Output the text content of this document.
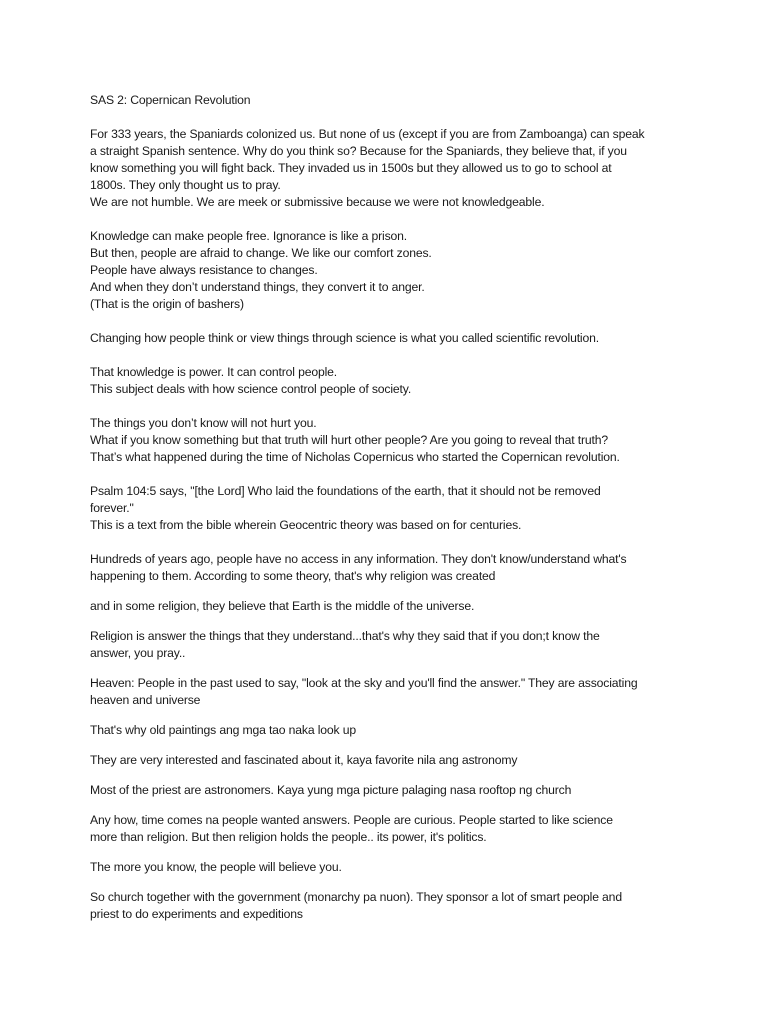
SAS 2: Copernican Revolution
For 333 years, the Spaniards colonized us. But none of us (except if you are from Zamboanga) can speak
a straight Spanish sentence. Why do you think so? Because for the Spaniards, they believe that, if you
know something you will fight back. They invaded us in 1500s but they allowed us to go to school at
1800s. They only thought us to pray.
We are not humble. We are meek or submissive because we were not knowledgeable.
Knowledge can make people free. Ignorance is like a prison.
But then, people are afraid to change. We like our comfort zones.
People have always resistance to changes.
And when they don’t understand things, they convert it to anger.
(That is the origin of bashers)
Changing how people think or view things through science is what you called scientific revolution.
That knowledge is power. It can control people.
This subject deals with how science control people of society.
The things you don’t know will not hurt you.
What if you know something but that truth will hurt other people? Are you going to reveal that truth?
That’s what happened during the time of Nicholas Copernicus who started the Copernican revolution.
Psalm 104:5 says, "[the Lord] Who laid the foundations of the earth, that it should not be removed
forever."
This is a text from the bible wherein Geocentric theory was based on for centuries.
Hundreds of years ago, people have no access in any information. They don't know/understand what's
happening to them. According to some theory, that's why religion was created
and in some religion, they believe that Earth is the middle of the universe.
Religion is answer the things that they understand...that's why they said that if you don;t know the
answer, you pray..
Heaven: People in the past used to say, "look at the sky and you'll find the answer." They are associating
heaven and universe
That's why old paintings ang mga tao naka look up
They are very interested and fascinated about it, kaya favorite nila ang astronomy
Most of the priest are astronomers. Kaya yung mga picture palaging nasa rooftop ng church
Any how, time comes na people wanted answers. People are curious. People started to like science
more than religion. But then religion holds the people.. its power, it's politics.
The more you know, the people will believe you.
So church together with the government (monarchy pa nuon). They sponsor a lot of smart people and
priest to do experiments and expeditions
